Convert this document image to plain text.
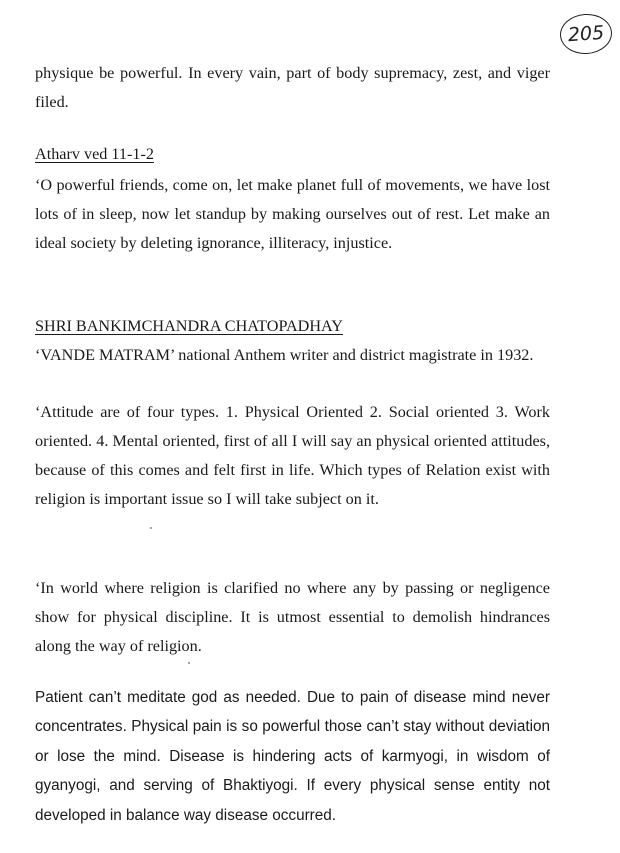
205

physique be powerful. In every vain, part of body supremacy, zest, and viger filed.

Atharv ved 11-1-2

‘O powerful friends, come on, let make planet full of movements, we have lost lots of in sleep, now let standup by making ourselves out of rest. Let make an ideal society by deleting ignorance, illiteracy, injustice.

SHRI BANKIMCHANDRA CHATOPADHAY

‘VANDE MATRAM’ national Anthem writer and district magistrate in 1932.

‘Attitude are of four types. 1. Physical Oriented 2. Social oriented 3. Work oriented. 4. Mental oriented, first of all I will say an physical oriented attitudes, because of this comes and felt first in life. Which types of Relation exist with religion is important issue so I will take subject on it.

‘In world where religion is clarified no where any by passing or negligence show for physical discipline. It is utmost essential to demolish hindrances along the way of religion.

Patient can’t meditate god as needed. Due to pain of disease mind never concentrates. Physical pain is so powerful those can’t stay without deviation or lose the mind. Disease is hindering acts of karmyogi, in wisdom of gyanyogi, and serving of Bhaktiyogi. If every physical sense entity not developed in balance way disease occurred.
